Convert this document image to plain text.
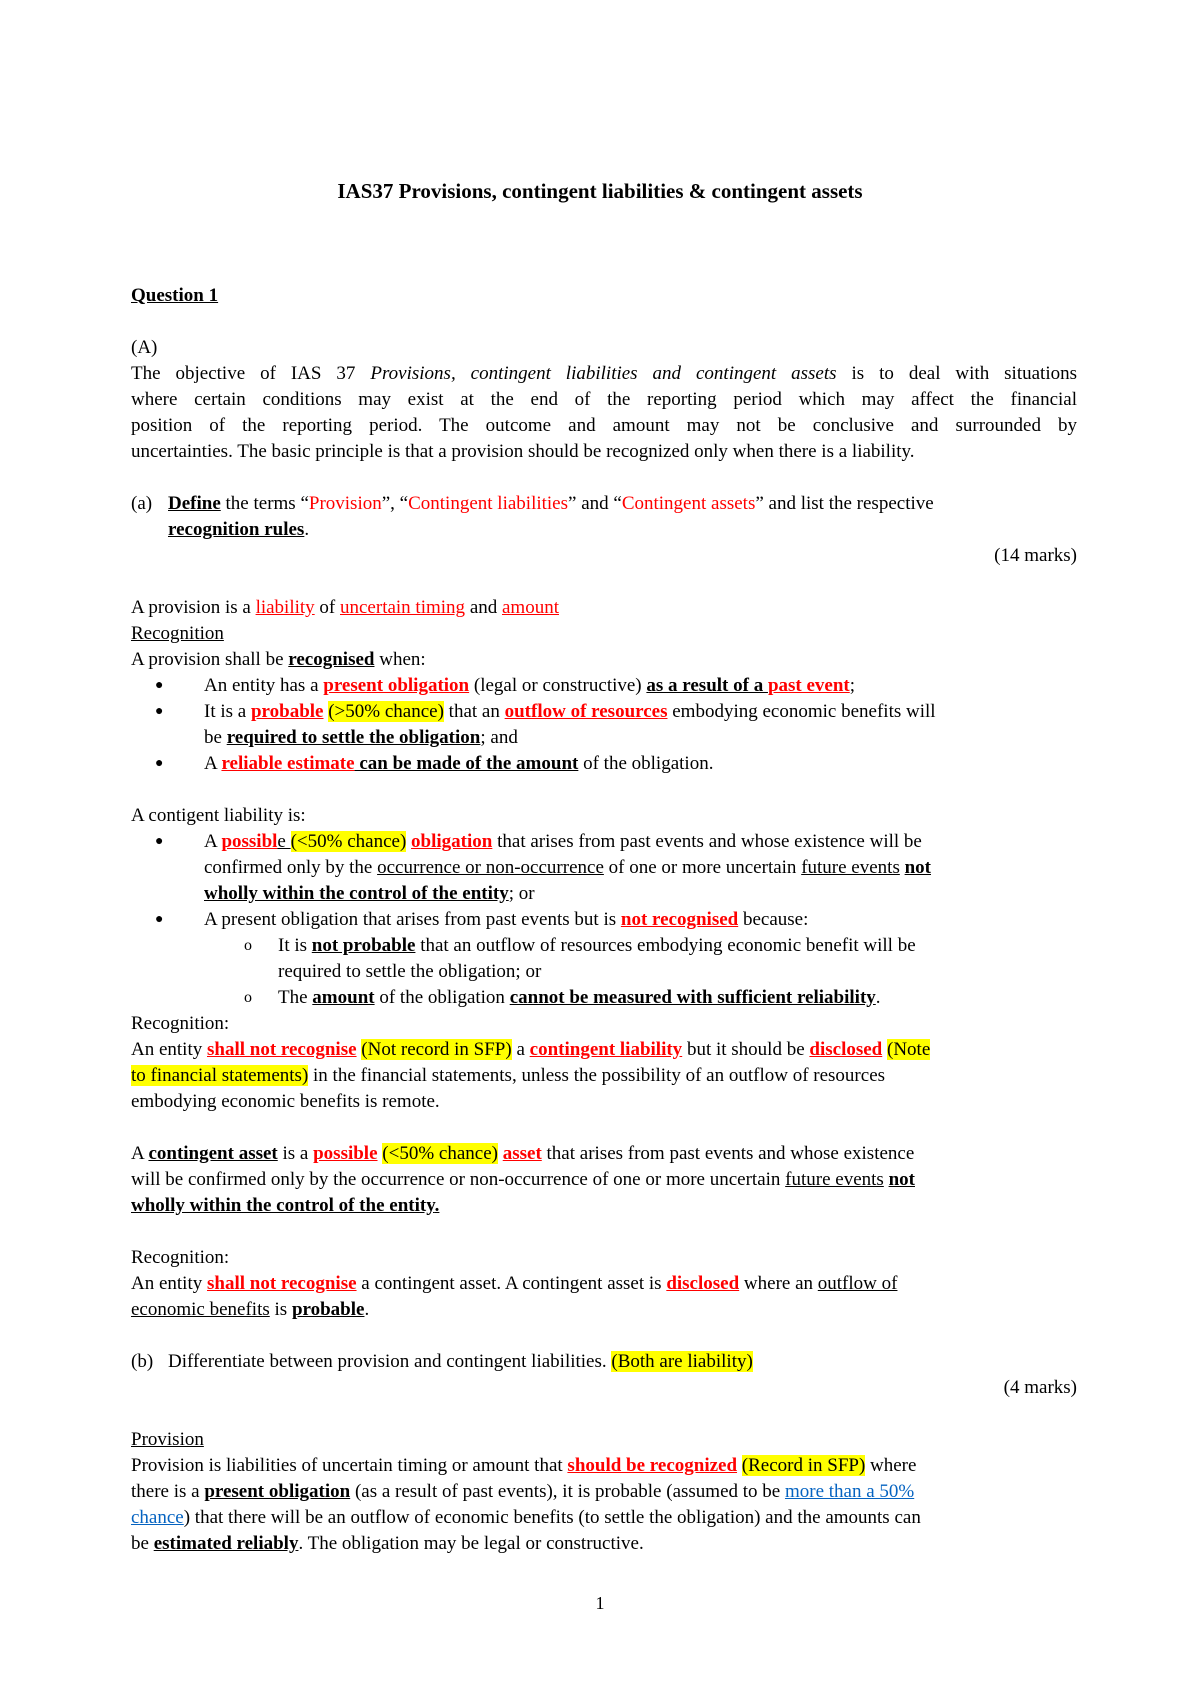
IAS37 Provisions, contingent liabilities & contingent assets
Question 1
(A)
The objective of IAS 37 Provisions, contingent liabilities and contingent assets is to deal with situations
where certain conditions may exist at the end of the reporting period which may affect the financial
position of the reporting period. The outcome and amount may not be conclusive and surrounded by
uncertainties. The basic principle is that a provision should be recognized only when there is a liability.
(a) Define the terms “Provision”, “Contingent liabilities” and “Contingent assets” and list the respective
recognition rules.
(14 marks)
A provision is a liability of uncertain timing and amount
Recognition
A provision shall be recognised when:
● An entity has a present obligation (legal or constructive) as a result of a past event;
● It is a probable (>50% chance) that an outflow of resources embodying economic benefits will
be required to settle the obligation; and
● A reliable estimate can be made of the amount of the obligation.
A contigent liability is:
● A possible (<50% chance) obligation that arises from past events and whose existence will be
confirmed only by the occurrence or non-occurrence of one or more uncertain future events not
wholly within the control of the entity; or
● A present obligation that arises from past events but is not recognised because:
o It is not probable that an outflow of resources embodying economic benefit will be
required to settle the obligation; or
o The amount of the obligation cannot be measured with sufficient reliability.
Recognition:
An entity shall not recognise (Not record in SFP) a contingent liability but it should be disclosed (Note
to financial statements) in the financial statements, unless the possibility of an outflow of resources
embodying economic benefits is remote.
A contingent asset is a possible (<50% chance) asset that arises from past events and whose existence
will be confirmed only by the occurrence or non-occurrence of one or more uncertain future events not
wholly within the control of the entity.
Recognition:
An entity shall not recognise a contingent asset. A contingent asset is disclosed where an outflow of
economic benefits is probable.
(b) Differentiate between provision and contingent liabilities. (Both are liability)
(4 marks)
Provision
Provision is liabilities of uncertain timing or amount that should be recognized (Record in SFP) where
there is a present obligation (as a result of past events), it is probable (assumed to be more than a 50%
chance) that there will be an outflow of economic benefits (to settle the obligation) and the amounts can
be estimated reliably. The obligation may be legal or constructive.
1
